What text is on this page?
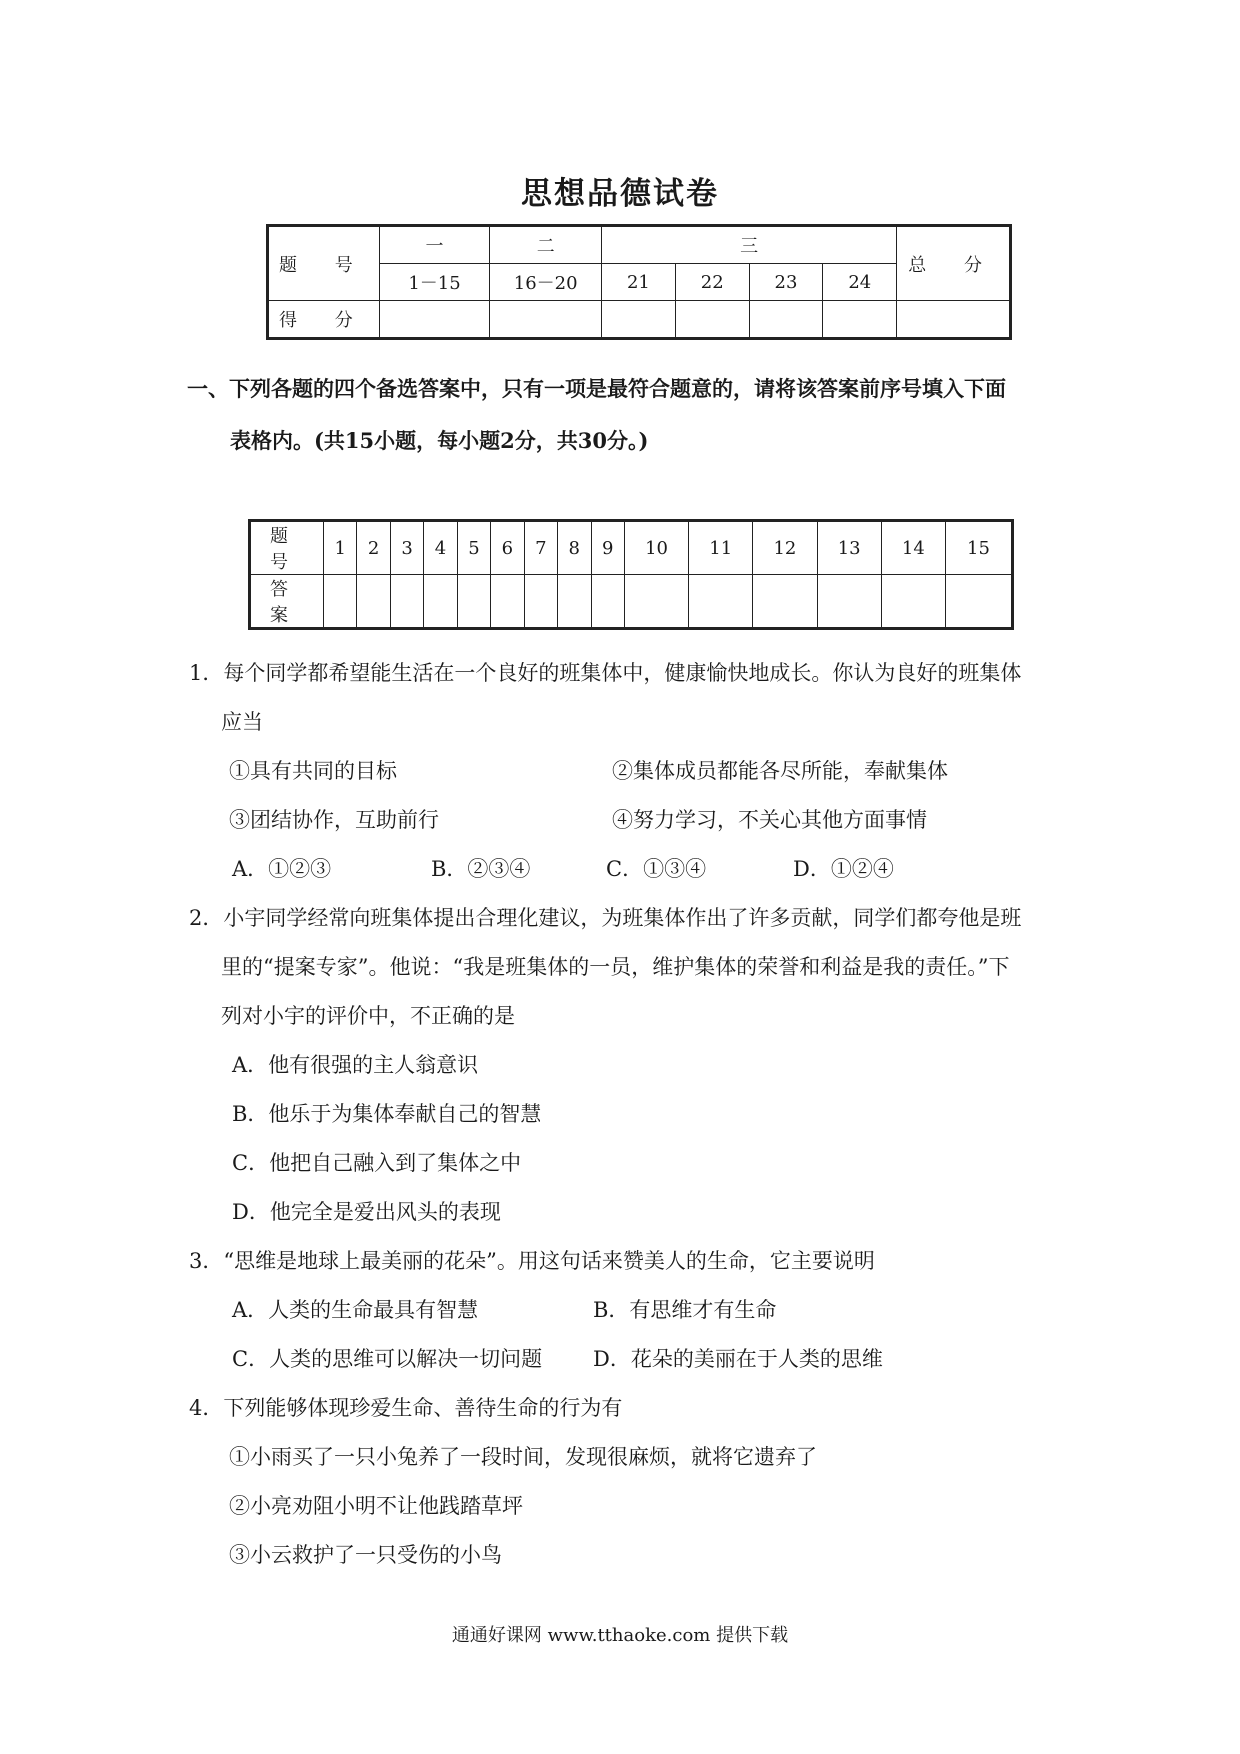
思想品德试卷
题 号	一	二	三				总 分
	1－15	16－20	21	22	23	24	
得 分							
一、下列各题的四个备选答案中，只有一项是最符合题意的，请将该答案前序号填入下面
表格内。(共15小题，每小题2分，共30分。)
题 号	1	2	3	4	5	6	7	8	9	10	11	12	13	14	15
答 案															
1．每个同学都希望能生活在一个良好的班集体中，健康愉快地成长。你认为良好的班集体
应当
①具有共同的目标	②集体成员都能各尽所能，奉献集体
③团结协作，互助前行	④努力学习，不关心其他方面事情
A．①②③	B．②③④	C．①③④	D．①②④
2．小宇同学经常向班集体提出合理化建议，为班集体作出了许多贡献，同学们都夸他是班
里的“提案专家”。他说：“我是班集体的一员，维护集体的荣誉和利益是我的责任。”下
列对小宇的评价中，不正确的是
A．他有很强的主人翁意识
B．他乐于为集体奉献自己的智慧
C．他把自己融入到了集体之中
D．他完全是爱出风头的表现
3．“思维是地球上最美丽的花朵”。用这句话来赞美人的生命，它主要说明
A．人类的生命最具有智慧	B．有思维才有生命
C．人类的思维可以解决一切问题 D．花朵的美丽在于人类的思维
4．下列能够体现珍爱生命、善待生命的行为有
①小雨买了一只小兔养了一段时间，发现很麻烦，就将它遗弃了
②小亮劝阻小明不让他践踏草坪
③小云救护了一只受伤的小鸟
通通好课网 www.tthaoke.com 提供下载
